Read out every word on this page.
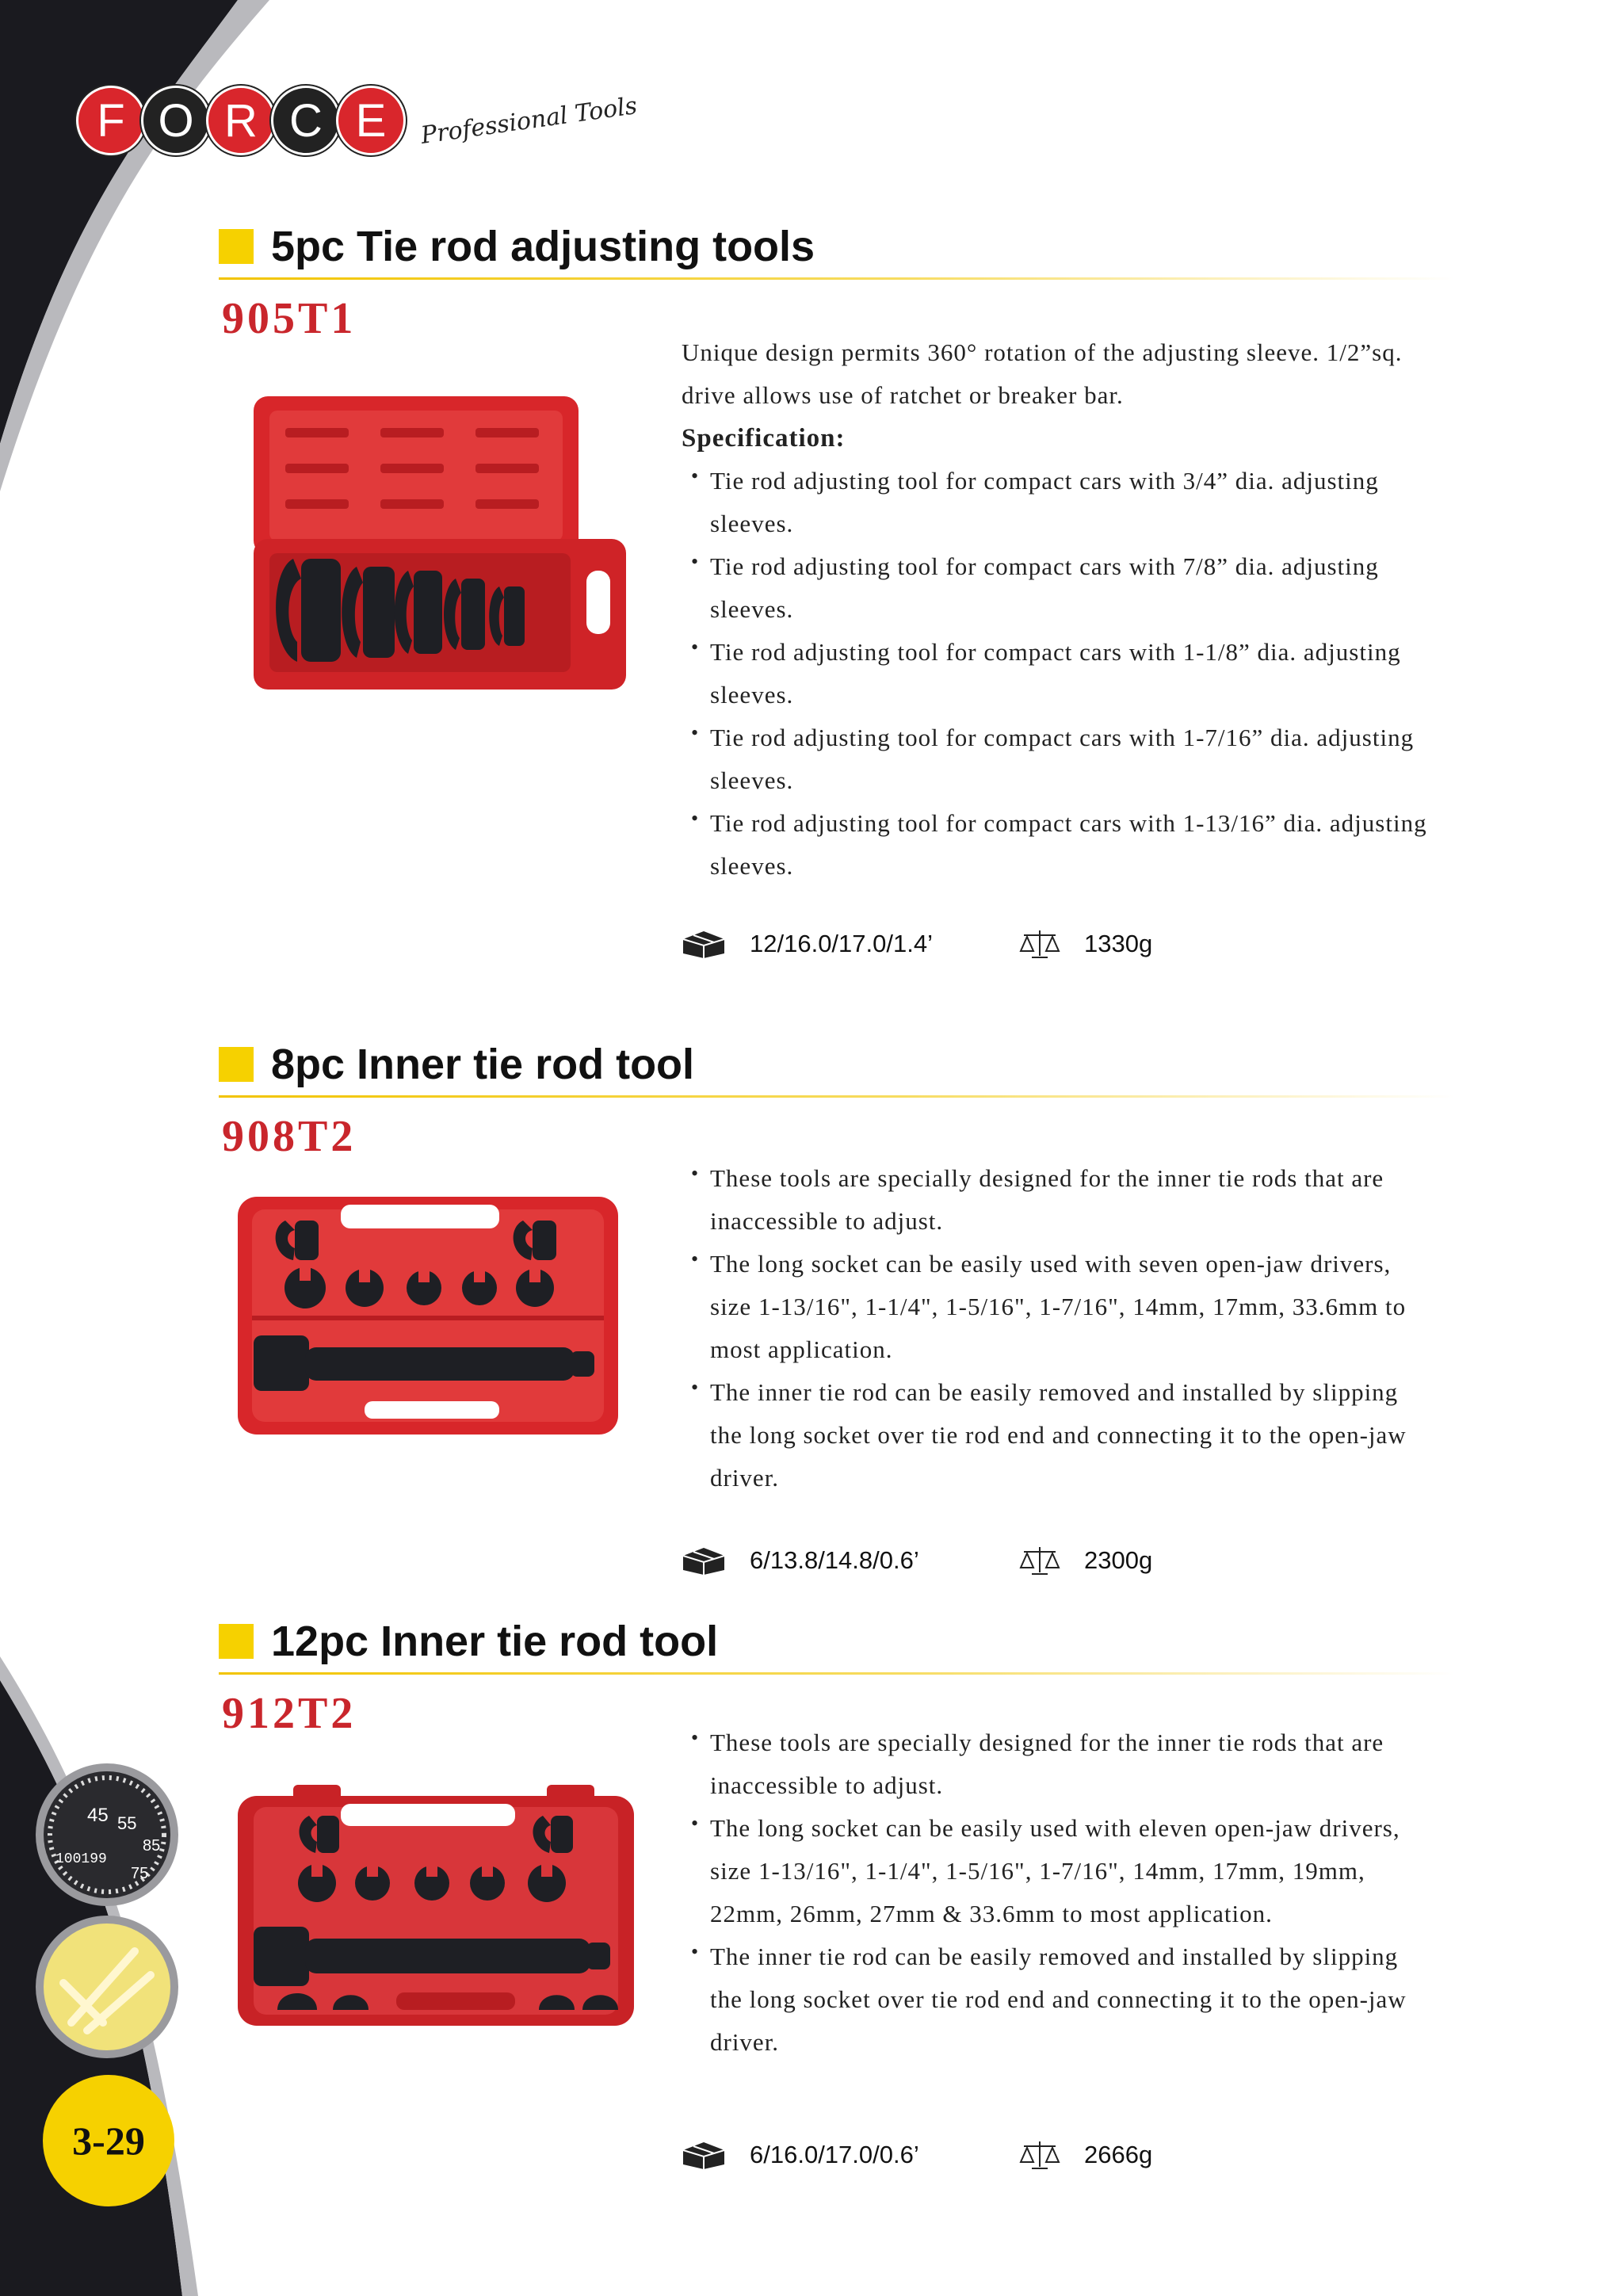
F O R C E	Professional Tools
5pc Tie rod adjusting tools
905T1

Unique design permits 360° rotation of the adjusting sleeve. 1/2”sq.

drive allows use of ratchet or breaker bar.

Specification:

• Tie rod adjusting tool for compact cars with 3/4” dia. adjusting

sleeves.

• Tie rod adjusting tool for compact cars with 7/8” dia. adjusting

sleeves.

• Tie rod adjusting tool for compact cars with 1-1/8” dia. adjusting

sleeves.

• Tie rod adjusting tool for compact cars with 1-7/16” dia. adjusting

sleeves.

• Tie rod adjusting tool for compact cars with 1-13/16” dia. adjusting

sleeves.

12/16.0/17.0/1.4’	1330g
8pc Inner tie rod tool
908T2

• These tools are specially designed for the inner tie rods that are

inaccessible to adjust.

• The long socket can be easily used with seven open-jaw drivers,

size 1-13/16", 1-1/4", 1-5/16", 1-7/16", 14mm, 17mm, 33.6mm to

most application.

• The inner tie rod can be easily removed and installed by slipping

the long socket over tie rod end and connecting it to the open-jaw

driver.

6/13.8/14.8/0.6’	2300g
12pc Inner tie rod tool
912T2

• These tools are specially designed for the inner tie rods that are

inaccessible to adjust.

• The long socket can be easily used with eleven open-jaw drivers,

size 1-13/16", 1-1/4", 1-5/16", 1-7/16", 14mm, 17mm, 19mm,

22mm, 26mm, 27mm & 33.6mm to most application.

• The inner tie rod can be easily removed and installed by slipping

the long socket over tie rod end and connecting it to the open-jaw

driver.

6/16.0/17.0/0.6’	2666g
45 55
85
100199
75
3-29
